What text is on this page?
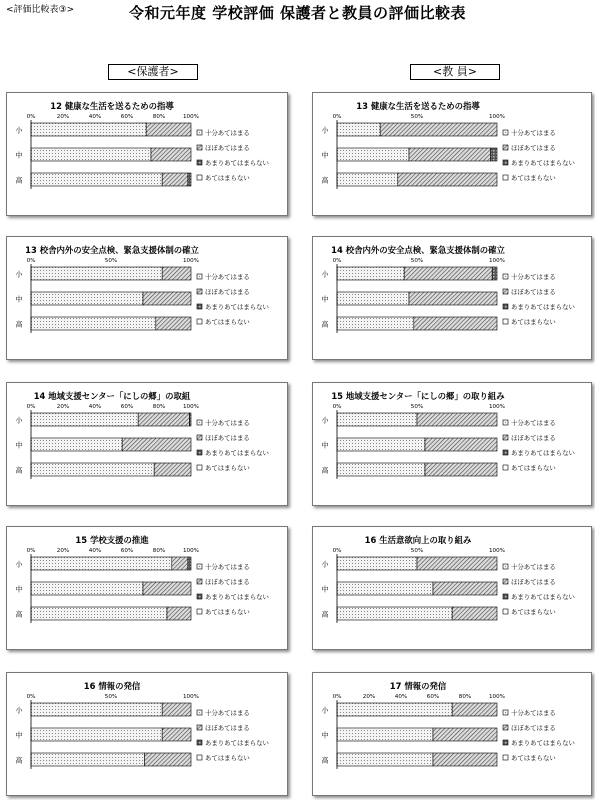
<評価比較表③>	令和元年度 学校評価 保護者と教員の評価比較表
<保護者>	<教 員>
12 健康な生活を送るための指導
0%	20%	40%	60%	80%	100%
小
中
高
十分あてはまる
ほぼあてはまる
あまりあてはまらない
あてはまらない
13 健康な生活を送るための指導
0%	50%	100%
小
中
高
十分あてはまる
ほぼあてはまる
あまりあてはまらない
あてはまらない
13 校舎内外の安全点検、緊急支援体制の確立
0%	50%	100%
小
中
高
十分あてはまる
ほぼあてはまる
あまりあてはまらない
あてはまらない
14 校舎内外の安全点検、緊急支援体制の確立
0%	50%	100%
小
中
高
十分あてはまる
ほぼあてはまる
あまりあてはまらない
あてはまらない
14 地域支援センター「にしの郷」の取組
0%	20%	40%	60%	80%	100%
小
中
高
十分あてはまる
ほぼあてはまる
あまりあてはまらない
あてはまらない
15 地域支援センター「にしの郷」の取り組み
0%	50%	100%
小
中
高
十分あてはまる
ほぼあてはまる
あまりあてはまらない
あてはまらない
15 学校支援の推進
0%	20%	40%	60%	80%	100%
小
中
高
十分あてはまる
ほぼあてはまる
あまりあてはまらない
あてはまらない
16 生活意欲向上の取り組み
0%	50%	100%
小
中
高
十分あてはまる
ほぼあてはまる
あまりあてはまらない
あてはまらない
16 情報の発信
0%	50%	100%
小
中
高
十分あてはまる
ほぼあてはまる
あまりあてはまらない
あてはまらない
17 情報の発信
0%	20%	40%	60%	80%	100%
小
中
高
十分あてはまる
ほぼあてはまる
あまりあてはまらない
あてはまらない
